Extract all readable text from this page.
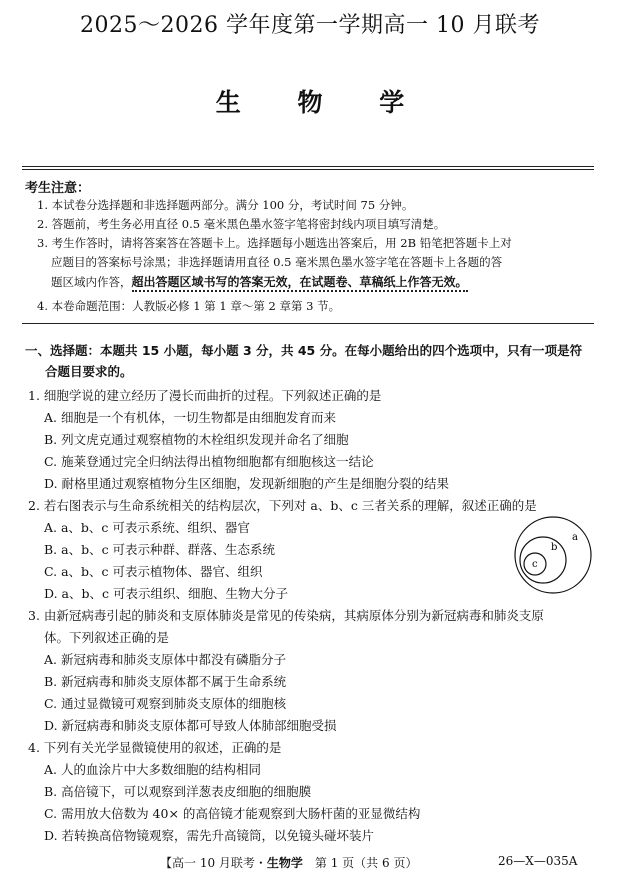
2025～2026 学年度第一学期高一 10 月联考
生 物 学
考生注意：
1. 本试卷分选择题和非选择题两部分。满分 100 分，考试时间 75 分钟。
2. 答题前，考生务必用直径 0.5 毫米黑色墨水签字笔将密封线内项目填写清楚。
3. 考生作答时，请将答案答在答题卡上。选择题每小题选出答案后，用 2B 铅笔把答题卡上对
应题目的答案标号涂黑；非选择题请用直径 0.5 毫米黑色墨水签字笔在答题卡上各题的答
题区域内作答，超出答题区域书写的答案无效，在试题卷、草稿纸上作答无效。
4. 本卷命题范围：人教版必修 1 第 1 章～第 2 章第 3 节。
一、选择题：本题共 15 小题，每小题 3 分，共 45 分。在每小题给出的四个选项中，只有一项是符
合题目要求的。
1. 细胞学说的建立经历了漫长而曲折的过程。下列叙述正确的是
A. 细胞是一个有机体，一切生物都是由细胞发育而来
B. 列文虎克通过观察植物的木栓组织发现并命名了细胞
C. 施莱登通过完全归纳法得出植物细胞都有细胞核这一结论
D. 耐格里通过观察植物分生区细胞，发现新细胞的产生是细胞分裂的结果
2. 若右图表示与生命系统相关的结构层次，下列对 a、b、c 三者关系的理解，叙述正确的是
A. a、b、c 可表示系统、组织、器官
B. a、b、c 可表示种群、群落、生态系统
C. a、b、c 可表示植物体、器官、组织
D. a、b、c 可表示组织、细胞、生物大分子
a
b
c
3. 由新冠病毒引起的肺炎和支原体肺炎是常见的传染病，其病原体分别为新冠病毒和肺炎支原
体。下列叙述正确的是
A. 新冠病毒和肺炎支原体中都没有磷脂分子
B. 新冠病毒和肺炎支原体都不属于生命系统
C. 通过显微镜可观察到肺炎支原体的细胞核
D. 新冠病毒和肺炎支原体都可导致人体肺部细胞受损
4. 下列有关光学显微镜使用的叙述，正确的是
A. 人的血涂片中大多数细胞的结构相同
B. 高倍镜下，可以观察到洋葱表皮细胞的细胞膜
C. 需用放大倍数为 40× 的高倍镜才能观察到大肠杆菌的亚显微结构
D. 若转换高倍物镜观察，需先升高镜筒，以免镜头碰坏装片
【高一 10 月联考・生物学 第 1 页（共 6 页）	26—X—035A
